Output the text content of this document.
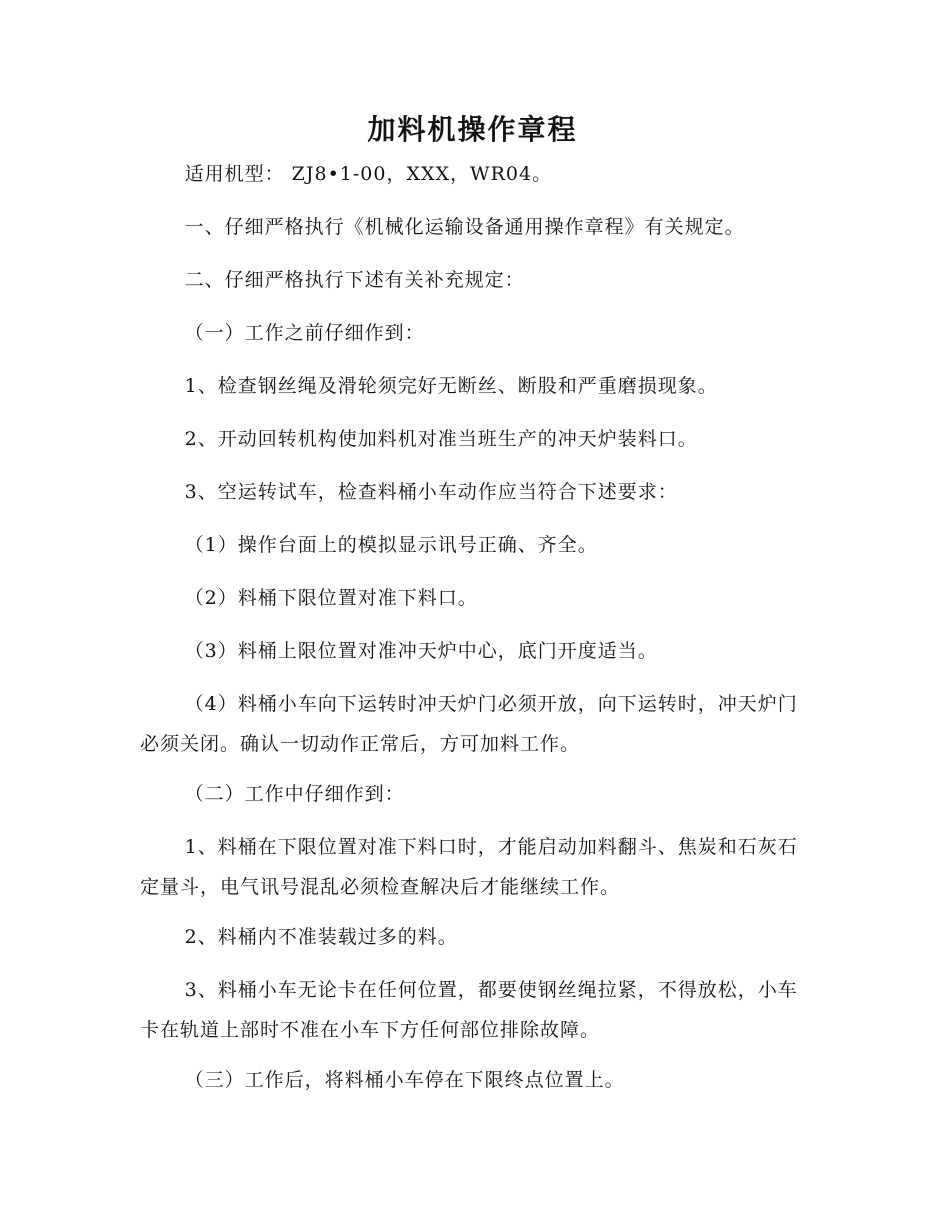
加料机操作章程

适用机型： ZJ8•1-00，XXX，WR04。

一、仔细严格执行《机械化运输设备通用操作章程》有关规定。

二、仔细严格执行下述有关补充规定：

（一）工作之前仔细作到：

1、检查钢丝绳及滑轮须完好无断丝、断股和严重磨损现象。

2、开动回转机构使加料机对准当班生产的冲天炉装料口。

3、空运转试车，检查料桶小车动作应当符合下述要求：

（1）操作台面上的模拟显示讯号正确、齐全。

（2）料桶下限位置对准下料口。

（3）料桶上限位置对准冲天炉中心，底门开度适当。

（4）料桶小车向下运转时冲天炉门必须开放，向下运转时，冲天炉门必须关闭。确认一切动作正常后，方可加料工作。

（二）工作中仔细作到：

1、料桶在下限位置对准下料口时，才能启动加料翻斗、焦炭和石灰石定量斗，电气讯号混乱必须检查解决后才能继续工作。

2、料桶内不准装载过多的料。

3、料桶小车无论卡在任何位置，都要使钢丝绳拉紧，不得放松，小车卡在轨道上部时不准在小车下方任何部位排除故障。

（三）工作后，将料桶小车停在下限终点位置上。
